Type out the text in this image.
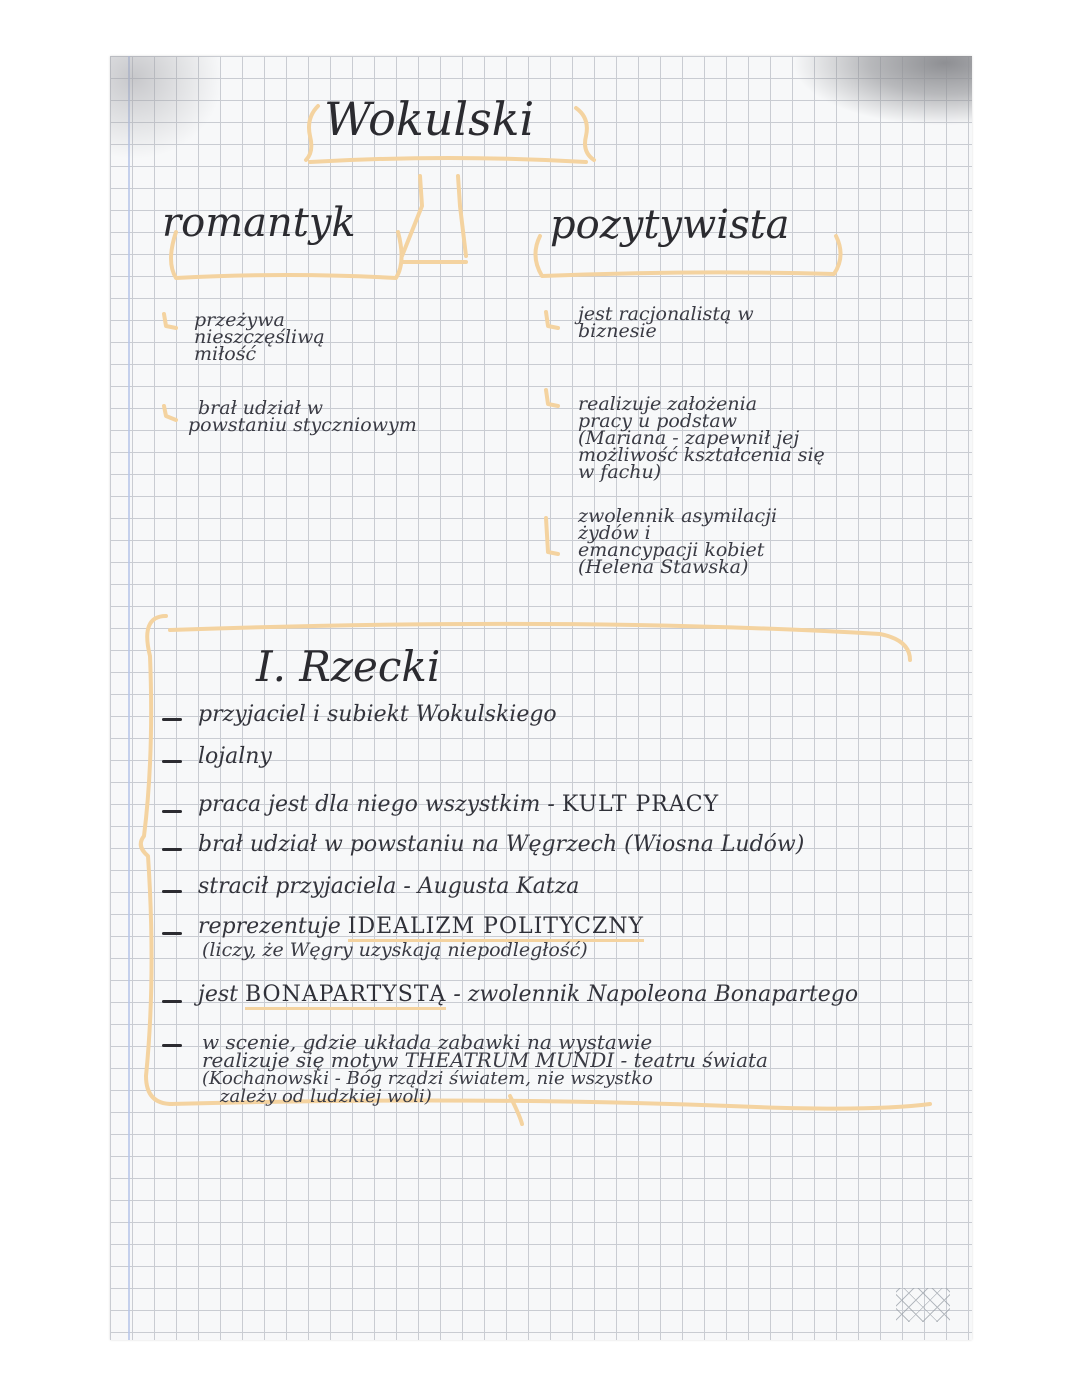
Wokulski
romantyk
przeżywa
nieszczęśliwą
miłość
brał udział w
powstaniu styczniowym
pozytywista
jest racjonalistą w
biznesie
realizuje założenia
pracy u podstaw
(Mariana - zapewnił jej
możliwość kształcenia się
w fachu)
zwolennik asymilacji
żydów i
emancypacji kobiet
(Helena Stawska)
I. Rzecki
przyjaciel i subiekt Wokulskiego
lojalny
praca jest dla niego wszystkim - KULT PRACY
brał udział w powstaniu na Węgrzech (Wiosna Ludów)
stracił przyjaciela - Augusta Katza
reprezentuje IDEALIZM POLITYCZNY
(liczy, że Węgry uzyskają niepodległość)
jest BONAPARTYSTĄ - zwolennik Napoleona Bonapartego
w scenie, gdzie układa zabawki na wystawie
realizuje się motyw THEATRUM MUNDI - teatru świata
(Kochanowski - Bóg rządzi światem, nie wszystko
zależy od ludzkiej woli)
